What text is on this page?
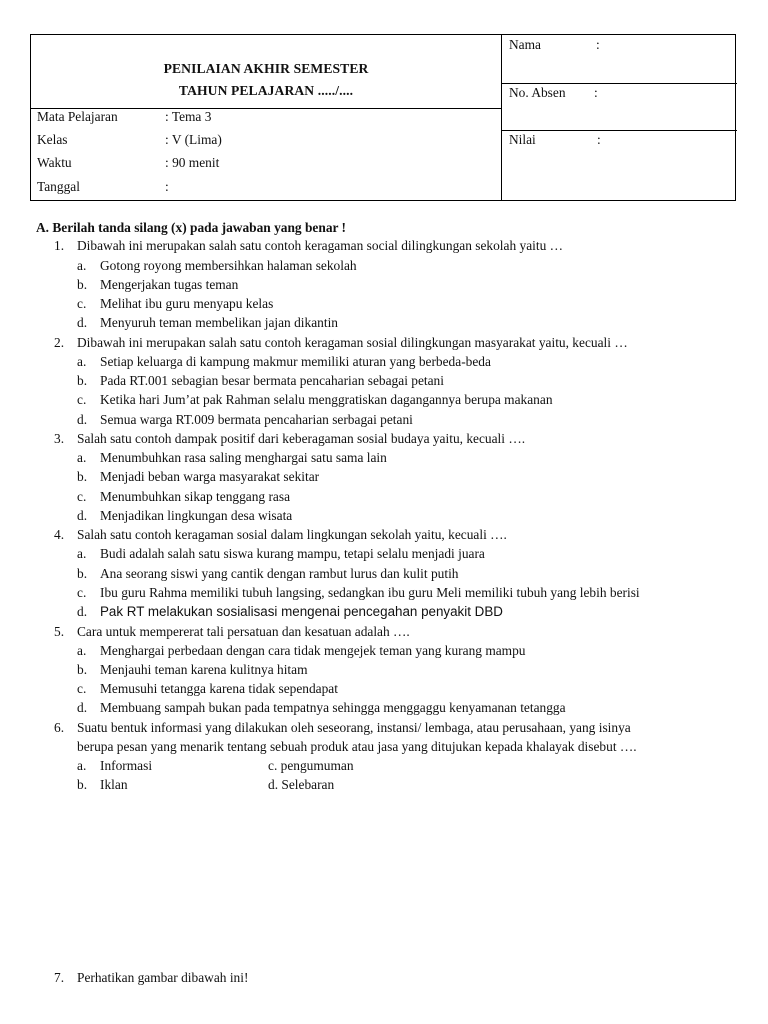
PENILAIAN AKHIR SEMESTER
TAHUN PELAJARAN ...../....
Mata Pelajaran	: Tema 3
Kelas	: V (Lima)
Waktu	: 90 menit
Tanggal	:
Nama	:
No. Absen :
Nilai	:
A. Berilah tanda silang (x) pada jawaban yang benar !
1. Dibawah ini merupakan salah satu contoh keragaman social dilingkungan sekolah yaitu …
a. Gotong royong membersihkan halaman sekolah
b. Mengerjakan tugas teman
c. Melihat ibu guru menyapu kelas
d. Menyuruh teman membelikan jajan dikantin
2. Dibawah ini merupakan salah satu contoh keragaman sosial dilingkungan masyarakat yaitu, kecuali …
a. Setiap keluarga di kampung makmur memiliki aturan yang berbeda-beda
b. Pada RT.001 sebagian besar bermata pencaharian sebagai petani
c. Ketika hari Jum’at pak Rahman selalu menggratiskan dagangannya berupa makanan
d. Semua warga RT.009 bermata pencaharian serbagai petani
3. Salah satu contoh dampak positif dari keberagaman sosial budaya yaitu, kecuali ….
a. Menumbuhkan rasa saling menghargai satu sama lain
b. Menjadi beban warga masyarakat sekitar
c. Menumbuhkan sikap tenggang rasa
d. Menjadikan lingkungan desa wisata
4. Salah satu contoh keragaman sosial dalam lingkungan sekolah yaitu, kecuali ….
a. Budi adalah salah satu siswa kurang mampu, tetapi selalu menjadi juara
b. Ana seorang siswi yang cantik dengan rambut lurus dan kulit putih
c. Ibu guru Rahma memiliki tubuh langsing, sedangkan ibu guru Meli memiliki tubuh yang lebih berisi
d. Pak RT melakukan sosialisasi mengenai pencegahan penyakit DBD
5. Cara untuk mempererat tali persatuan dan kesatuan adalah ….
a. Menghargai perbedaan dengan cara tidak mengejek teman yang kurang mampu
b. Menjauhi teman karena kulitnya hitam
c. Memusuhi tetangga karena tidak sependapat
d. Membuang sampah bukan pada tempatnya sehingga menggaggu kenyamanan tetangga
6. Suatu bentuk informasi yang dilakukan oleh seseorang, instansi/ lembaga, atau perusahaan, yang isinya
berupa pesan yang menarik tentang sebuah produk atau jasa yang ditujukan kepada khalayak disebut ….
a. Informasi	c. pengumuman
b. Iklan	d. Selebaran
7. Perhatikan gambar dibawah ini!
